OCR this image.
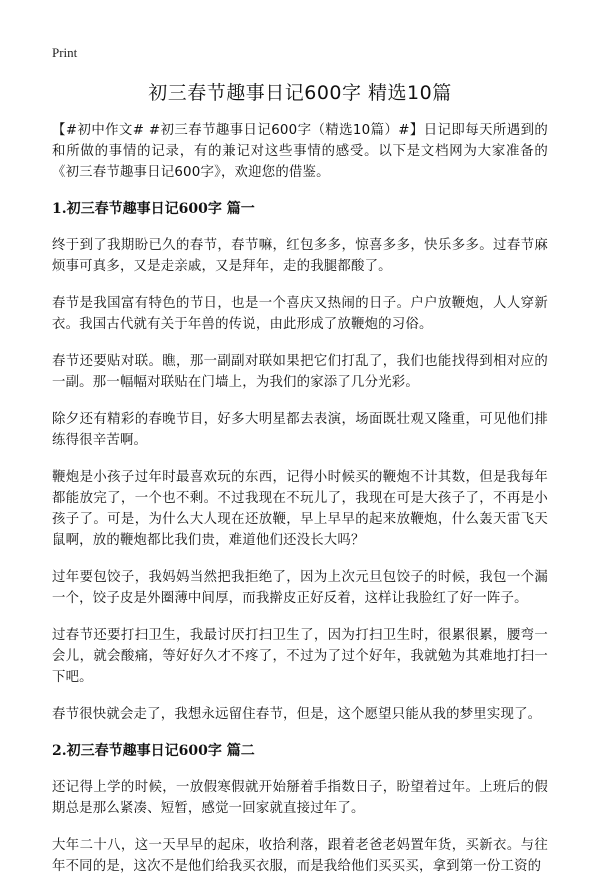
Print
初三春节趣事日记600字 精选10篇

【#初中作文# #初三春节趣事日记600字（精选10篇）#】日记即每天所遇到的和所做的事情的记录，有的兼记对这些事情的感受。以下是文档网为大家准备的《初三春节趣事日记600字》，欢迎您的借鉴。

1.初三春节趣事日记600字 篇一

终于到了我期盼已久的春节，春节嘛，红包多多，惊喜多多，快乐多多。过春节麻烦事可真多，又是走亲戚，又是拜年，走的我腿都酸了。

春节是我国富有特色的节日，也是一个喜庆又热闹的日子。户户放鞭炮，人人穿新衣。我国古代就有关于年兽的传说，由此形成了放鞭炮的习俗。

春节还要贴对联。瞧，那一副副对联如果把它们打乱了，我们也能找得到相对应的一副。那一幅幅对联贴在门墙上，为我们的家添了几分光彩。

除夕还有精彩的春晚节目，好多大明星都去表演，场面既壮观又隆重，可见他们排练得很辛苦啊。

鞭炮是小孩子过年时最喜欢玩的东西，记得小时候买的鞭炮不计其数，但是我每年都能放完了，一个也不剩。不过我现在不玩儿了，我现在可是大孩子了，不再是小孩子了。可是，为什么大人现在还放鞭，早上早早的起来放鞭炮，什么轰天雷飞天鼠啊，放的鞭炮都比我们贵，难道他们还没长大吗？

过年要包饺子，我妈妈当然把我拒绝了，因为上次元旦包饺子的时候，我包一个漏一个，饺子皮是外圈薄中间厚，而我擀皮正好反着，这样让我脸红了好一阵子。

过春节还要打扫卫生，我最讨厌打扫卫生了，因为打扫卫生时，很累很累，腰弯一会儿，就会酸痛，等好好久才不疼了，不过为了过个好年，我就勉为其难地打扫一下吧。

春节很快就会走了，我想永远留住春节，但是，这个愿望只能从我的梦里实现了。

2.初三春节趣事日记600字 篇二

还记得上学的时候，一放假寒假就开始掰着手指数日子，盼望着过年。上班后的假期总是那么紧凑、短暂，感觉一回家就直接过年了。

大年二十八，这一天早早的起床，收拾利落，跟着老爸老妈置年货，买新衣。与往年不同的是，这次不是他们给我买衣服，而是我给他们买买买，拿到第一份工资的
